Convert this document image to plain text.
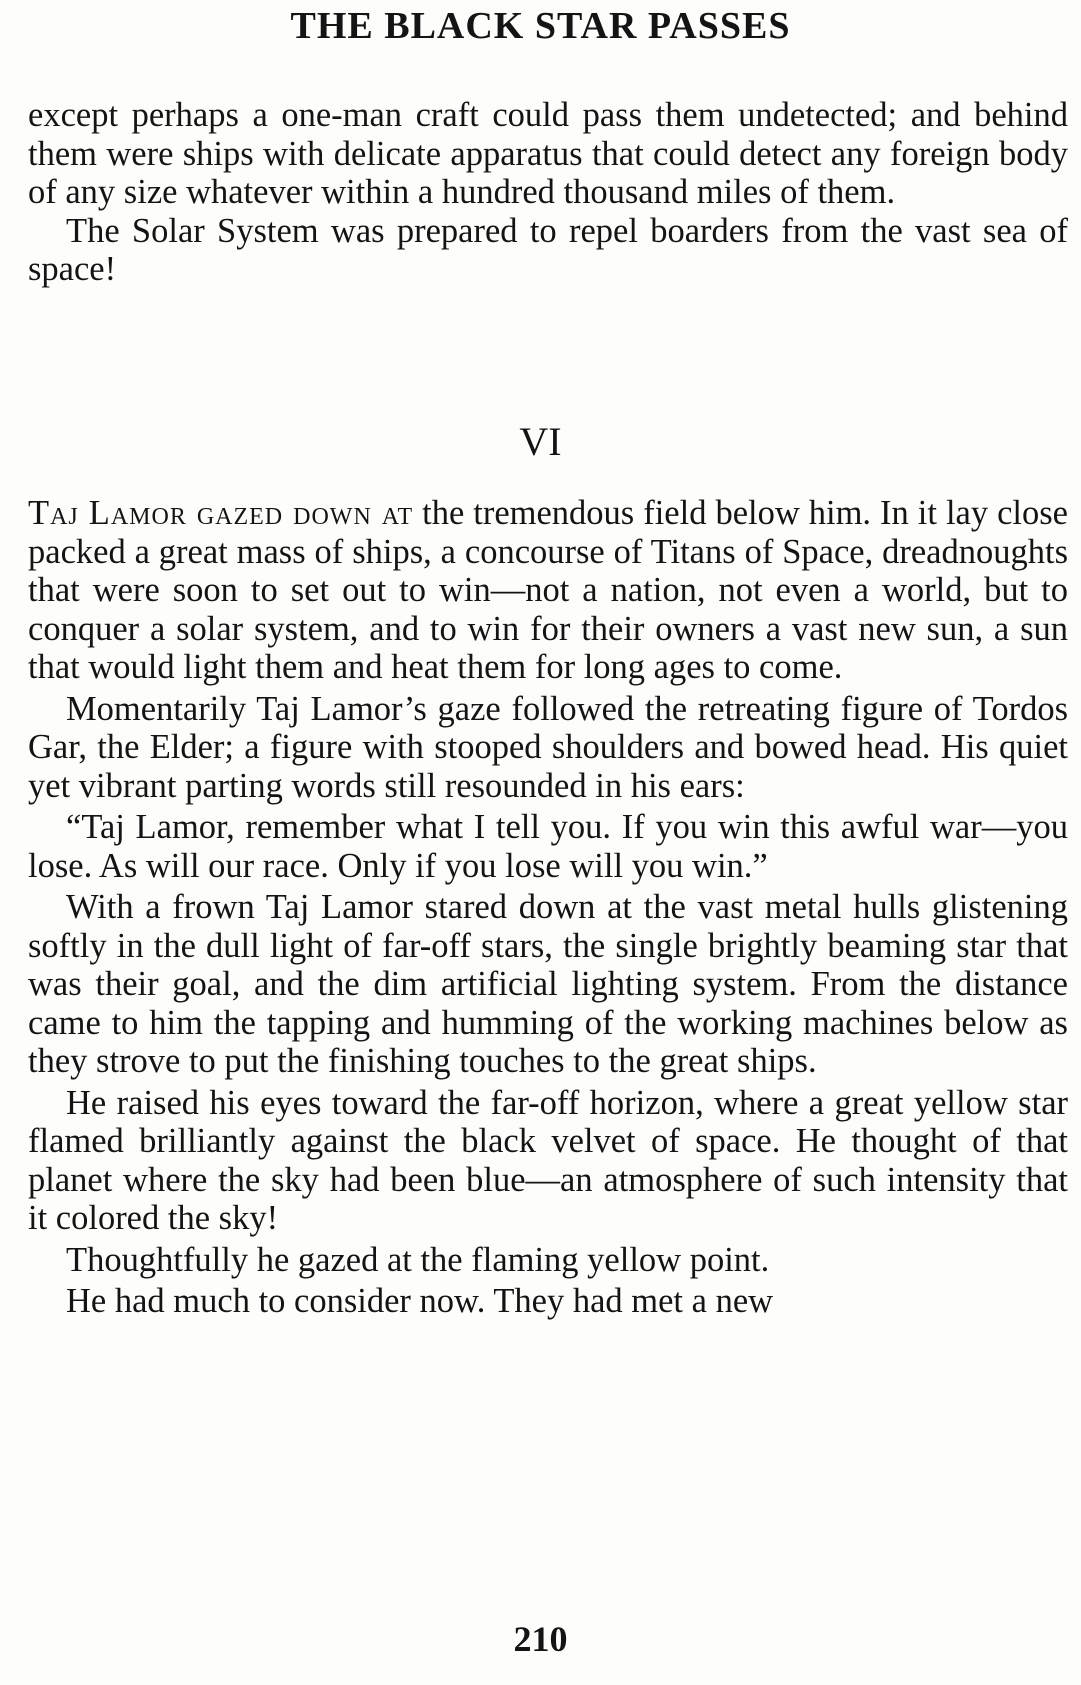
THE BLACK STAR PASSES

except perhaps a one-man craft could pass them undetected; and behind them were ships with delicate apparatus that could detect any foreign body of any size whatever within a hundred thousand miles of them.

The Solar System was prepared to repel boarders from the vast sea of space!

VI

Taj Lamor gazed down at the tremendous field below him. In it lay close packed a great mass of ships, a concourse of Titans of Space, dreadnoughts that were soon to set out to win—not a nation, not even a world, but to conquer a solar system, and to win for their owners a vast new sun, a sun that would light them and heat them for long ages to come.

Momentarily Taj Lamor’s gaze followed the retreating figure of Tordos Gar, the Elder; a figure with stooped shoulders and bowed head. His quiet yet vibrant parting words still resounded in his ears:

“Taj Lamor, remember what I tell you. If you win this awful war—you lose. As will our race. Only if you lose will you win.”

With a frown Taj Lamor stared down at the vast metal hulls glistening softly in the dull light of far-off stars, the single brightly beaming star that was their goal, and the dim artificial lighting system. From the distance came to him the tapping and humming of the working machines below as they strove to put the finishing touches to the great ships.

He raised his eyes toward the far-off horizon, where a great yellow star flamed brilliantly against the black velvet of space. He thought of that planet where the sky had been blue—an atmosphere of such intensity that it colored the sky!

Thoughtfully he gazed at the flaming yellow point.

He had much to consider now. They had met a new

210
